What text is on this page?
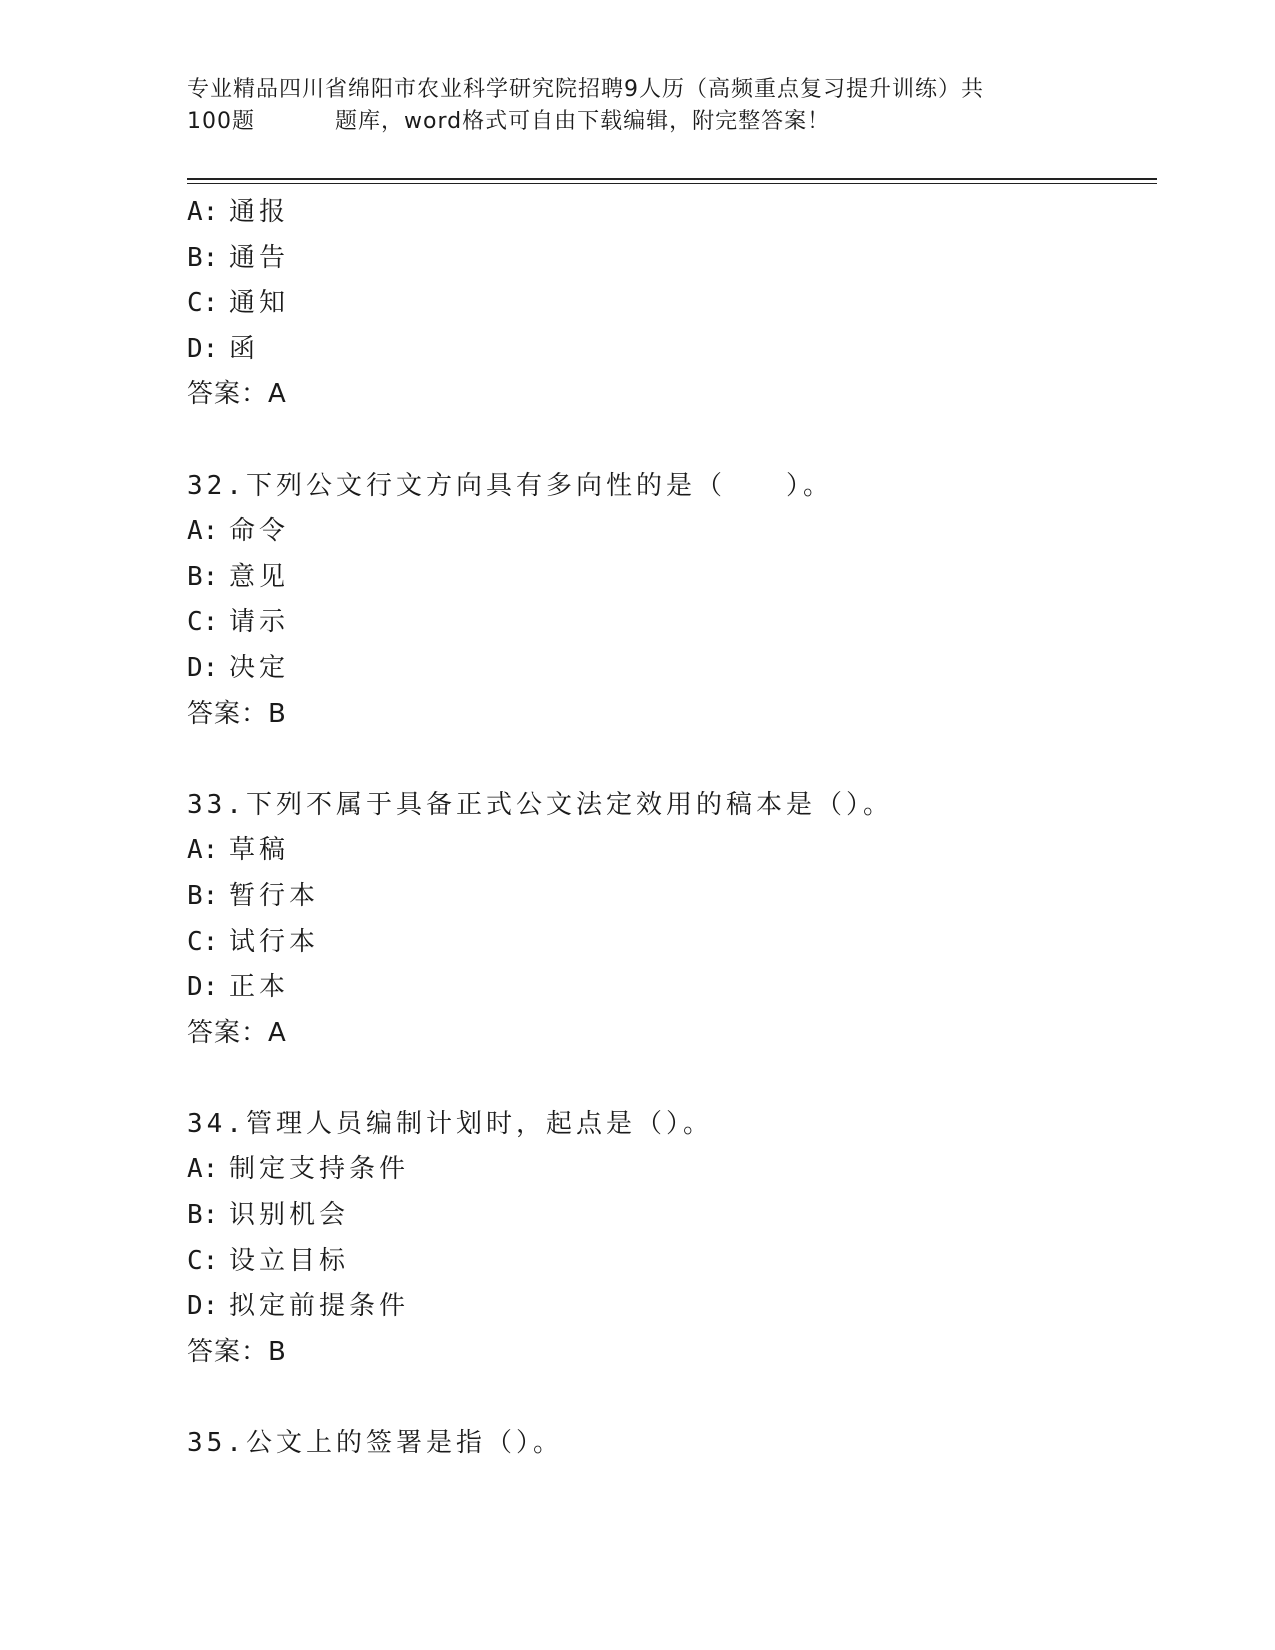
专业精品四川省绵阳市农业科学研究院招聘9人历（高频重点复习提升训练）共
100题	题库，word格式可自由下载编辑，附完整答案！
A: 通报
B: 通告
C: 通知
D: 函
答案：A
32.下列公文行文方向具有多向性的是（　　）。
A: 命令
B: 意见
C: 请示
D: 决定
答案：B
33.下列不属于具备正式公文法定效用的稿本是（）。
A: 草稿
B: 暂行本
C: 试行本
D: 正本
答案：A
34.管理人员编制计划时，起点是（）。
A: 制定支持条件
B: 识别机会
C: 设立目标
D: 拟定前提条件
答案：B
35.公文上的签署是指（）。
